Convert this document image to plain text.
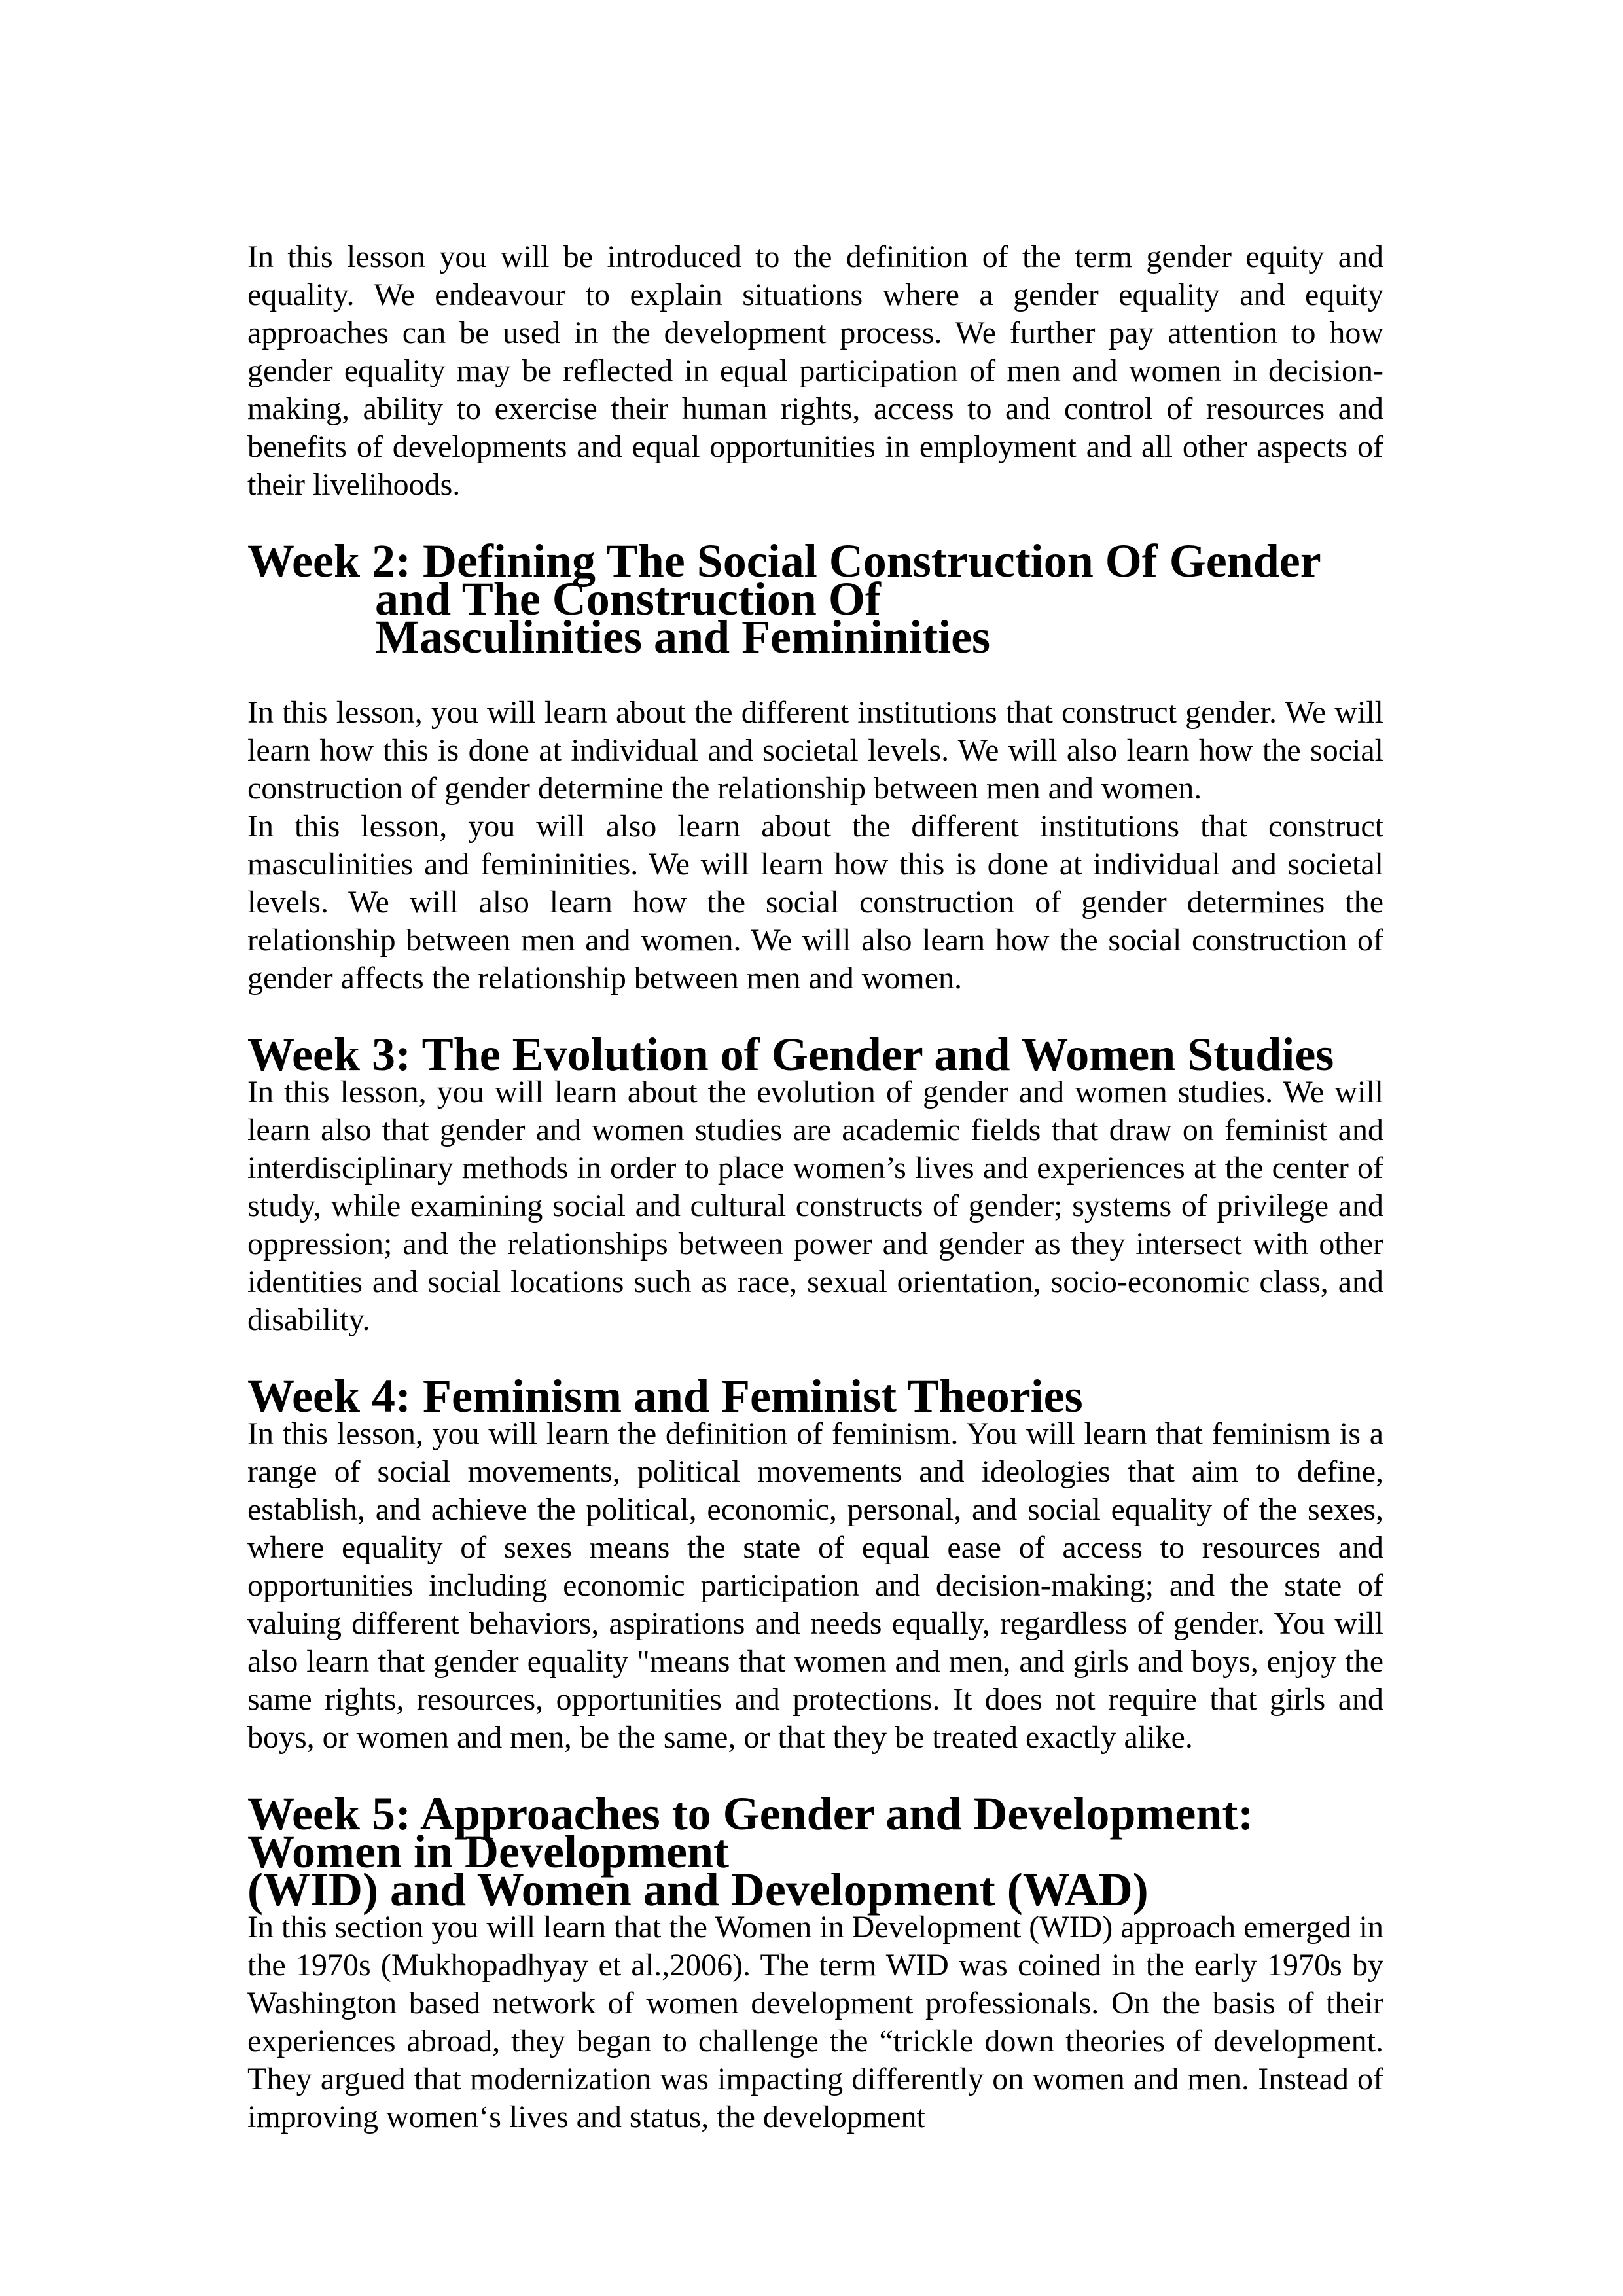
In this lesson you will be introduced to the definition of the term gender equity and equality. We endeavour to explain situations where a gender equality and equity approaches can be used in the development process. We further pay attention to how gender equality may be reflected in equal participation of men and women in decision-making, ability to exercise their human rights, access to and control of resources and benefits of developments and equal opportunities in employment and all other aspects of their livelihoods.

Week 2: Defining The Social Construction Of Gender and The Construction Of
Masculinities and Femininities

In this lesson, you will learn about the different institutions that construct gender. We will learn how this is done at individual and societal levels. We will also learn how the social construction of gender determine the relationship between men and women.

In this lesson, you will also learn about the different institutions that construct masculinities and femininities. We will learn how this is done at individual and societal levels. We will also learn how the social construction of gender determines the relationship between men and women. We will also learn how the social construction of gender affects the relationship between men and women.

Week 3: The Evolution of Gender and Women Studies

In this lesson, you will learn about the evolution of gender and women studies. We will learn also that gender and women studies are academic fields that draw on feminist and interdisciplinary methods in order to place women’s lives and experiences at the center of study, while examining social and cultural constructs of gender; systems of privilege and oppression; and the relationships between power and gender as they intersect with other identities and social locations such as race, sexual orientation, socio-economic class, and disability.

Week 4: Feminism and Feminist Theories

In this lesson, you will learn the definition of feminism. You will learn that feminism is a range of social movements, political movements and ideologies that aim to define, establish, and achieve the political, economic, personal, and social equality of the sexes, where equality of sexes means the state of equal ease of access to resources and opportunities including economic participation and decision-making; and the state of valuing different behaviors, aspirations and needs equally, regardless of gender. You will also learn that gender equality "means that women and men, and girls and boys, enjoy the same rights, resources, opportunities and protections. It does not require that girls and boys, or women and men, be the same, or that they be treated exactly alike.

Week 5: Approaches to Gender and Development: Women in Development
(WID) and Women and Development (WAD)

In this section you will learn that the Women in Development (WID) approach emerged in the 1970s (Mukhopadhyay et al.,2006). The term WID was coined in the early 1970s by Washington based network of women development professionals. On the basis of their experiences abroad, they began to challenge the “trickle down theories of development. They argued that modernization was impacting differently on women and men. Instead of improving women‘s lives and status, the development
